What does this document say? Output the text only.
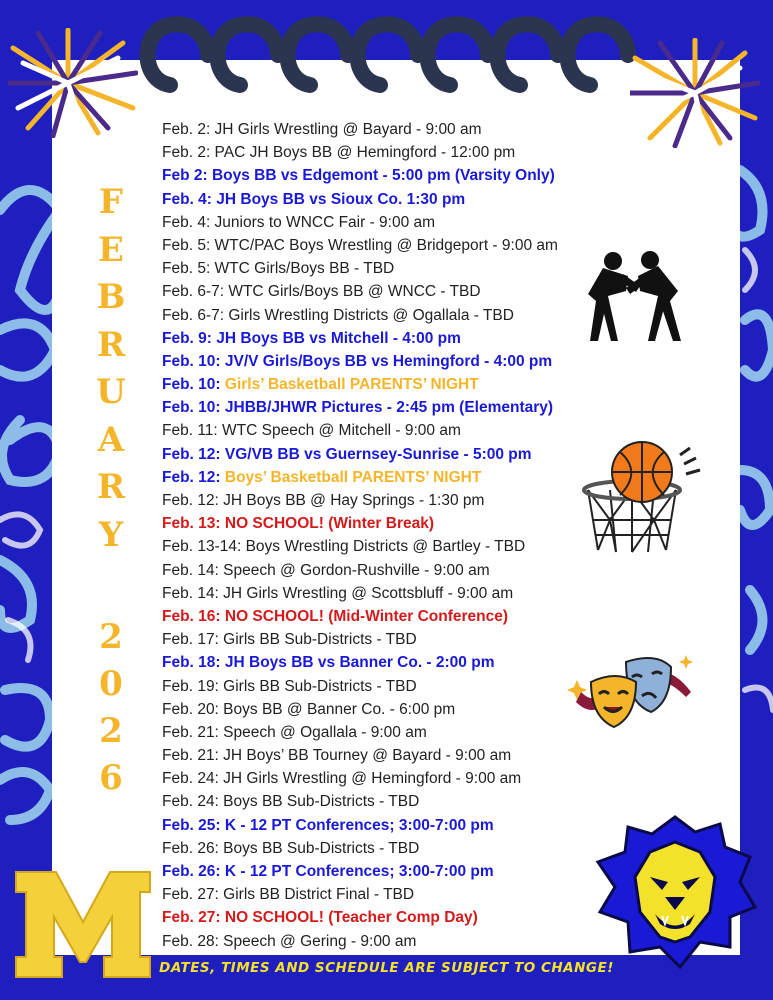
F
E
B
R
U
A
R
Y
2
0
2
6
Feb. 2: JH Girls Wrestling @ Bayard - 9:00 am
Feb. 2: PAC JH Boys BB @ Hemingford - 12:00 pm
Feb 2: Boys BB vs Edgemont - 5:00 pm (Varsity Only)
Feb. 4: JH Boys BB vs Sioux Co. 1:30 pm
Feb. 4: Juniors to WNCC Fair - 9:00 am
Feb. 5: WTC/PAC Boys Wrestling @ Bridgeport - 9:00 am
Feb. 5: WTC Girls/Boys BB - TBD
Feb. 6-7: WTC Girls/Boys BB @ WNCC - TBD
Feb. 6-7: Girls Wrestling Districts @ Ogallala - TBD
Feb. 9: JH Boys BB vs Mitchell - 4:00 pm
Feb. 10: JV/V Girls/Boys BB vs Hemingford - 4:00 pm
Feb. 10: Girls’ Basketball PARENTS’ NIGHT
Feb. 10: JHBB/JHWR Pictures - 2:45 pm (Elementary)
Feb. 11: WTC Speech @ Mitchell - 9:00 am
Feb. 12: VG/VB BB vs Guernsey-Sunrise - 5:00 pm
Feb. 12: Boys’ Basketball PARENTS’ NIGHT
Feb. 12: JH Boys BB @ Hay Springs - 1:30 pm
Feb. 13: NO SCHOOL! (Winter Break)
Feb. 13-14: Boys Wrestling Districts @ Bartley - TBD
Feb. 14: Speech @ Gordon-Rushville - 9:00 am
Feb. 14: JH Girls Wrestling @ Scottsbluff - 9:00 am
Feb. 16: NO SCHOOL! (Mid-Winter Conference)
Feb. 17: Girls BB Sub-Districts - TBD
Feb. 18: JH Boys BB vs Banner Co. - 2:00 pm
Feb. 19: Girls BB Sub-Districts - TBD
Feb. 20: Boys BB @ Banner Co. - 6:00 pm
Feb. 21: Speech @ Ogallala - 9:00 am
Feb. 21: JH Boys’ BB Tourney @ Bayard - 9:00 am
Feb. 24: JH Girls Wrestling @ Hemingford - 9:00 am
Feb. 24: Boys BB Sub-Districts - TBD
Feb. 25: K - 12 PT Conferences; 3:00-7:00 pm
Feb. 26: Boys BB Sub-Districts - TBD
Feb. 26: K - 12 PT Conferences; 3:00-7:00 pm
Feb. 27: Girls BB District Final - TBD
Feb. 27: NO SCHOOL! (Teacher Comp Day)
Feb. 28: Speech @ Gering - 9:00 am
DATES, TIMES AND SCHEDULE ARE SUBJECT TO CHANGE!
